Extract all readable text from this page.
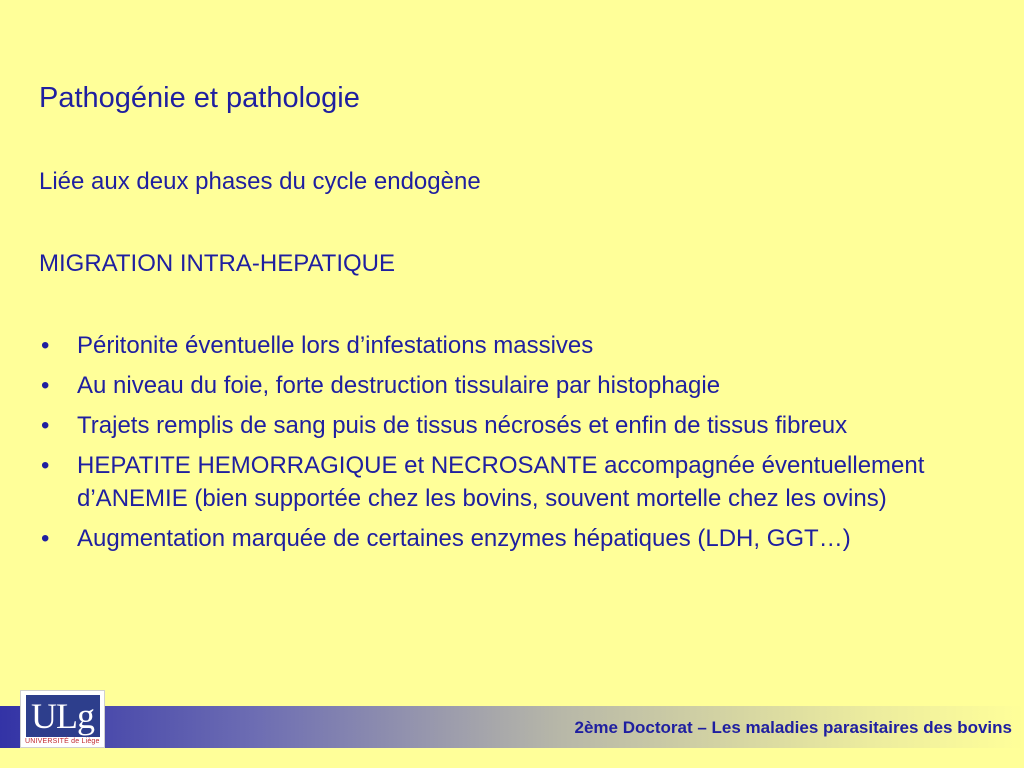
Pathogénie et pathologie

Liée aux deux phases du cycle endogène

MIGRATION INTRA-HEPATIQUE

• Péritonite éventuelle lors d’infestations massives
• Au niveau du foie, forte destruction tissulaire par histophagie
• Trajets remplis de sang puis de tissus nécrosés et enfin de tissus fibreux
• HEPATITE HEMORRAGIQUE et NECROSANTE accompagnée éventuellement d’ANEMIE (bien supportée chez les bovins, souvent mortelle chez les ovins)
• Augmentation marquée de certaines enzymes hépatiques (LDH, GGT…)
2ème Doctorat – Les maladies parasitaires des bovins
ULg
UNIVERSITÉ de Liège
